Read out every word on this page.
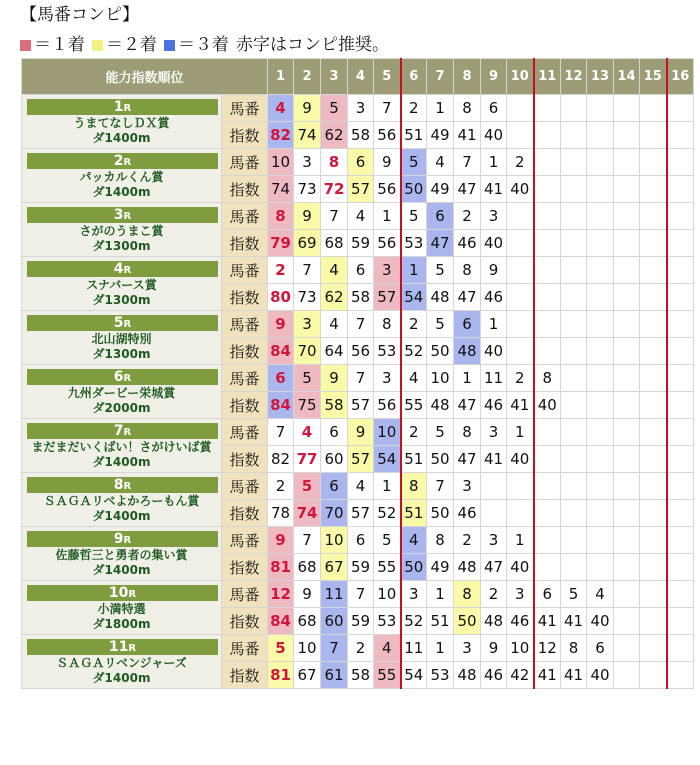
【馬番コンピ】
＝１着 ＝２着 ＝３着 赤字はコンピ推奨。
能力指数順位		1	2	3	4	5	6	7	8	9	10	11	12	13	14	15	16

1R
うまてなしＤＸ賞
ダ1400m	馬番	4	9	5	3	7	2	1	8	6							
	指数	82	74	62	58	56	51	49	41	40							

2R
パッカルくん賞
ダ1400m	馬番	10	3	8	6	9	5	4	7	1	2						
	指数	74	73	72	57	56	50	49	47	41	40						

3R
さがのうまこ賞
ダ1300m	馬番	8	9	7	4	1	5	6	2	3							
	指数	79	69	68	59	56	53	47	46	40							

4R
スナバース賞
ダ1300m	馬番	2	7	4	6	3	1	5	8	9							
	指数	80	73	62	58	57	54	48	47	46							

5R
北山湖特別
ダ1300m	馬番	9	3	4	7	8	2	5	6	1							
	指数	84	70	64	56	53	52	50	48	40							

6R
九州ダービー栄城賞
ダ2000m	馬番	6	5	9	7	3	4	10	1	11	2	8					
	指数	84	75	58	57	56	55	48	47	46	41	40					

7R
まだまだいくばい！さがけいば賞
ダ1400m	馬番	7	4	6	9	10	2	5	8	3	1						
	指数	82	77	60	57	54	51	50	47	41	40						

8R
ＳＡＧＡリベよかろーもん賞
ダ1400m	馬番	2	5	6	4	1	8	7	3								
	指数	78	74	70	57	52	51	50	46								

9R
佐藤哲三と勇者の集い賞
ダ1400m	馬番	9	7	10	6	5	4	8	2	3	1						
	指数	81	68	67	59	55	50	49	48	47	40						

10R
小満特選
ダ1800m	馬番	12	9	11	7	10	3	1	8	2	3	6	5	4			
	指数	84	68	60	59	53	52	51	50	48	46	41	41	40			

11R
ＳＡＧＡリベンジャーズ
ダ1400m	馬番	5	10	7	2	4	11	1	3	9	10	12	8	6			
	指数	81	67	61	58	55	54	53	48	46	42	41	41	40			
